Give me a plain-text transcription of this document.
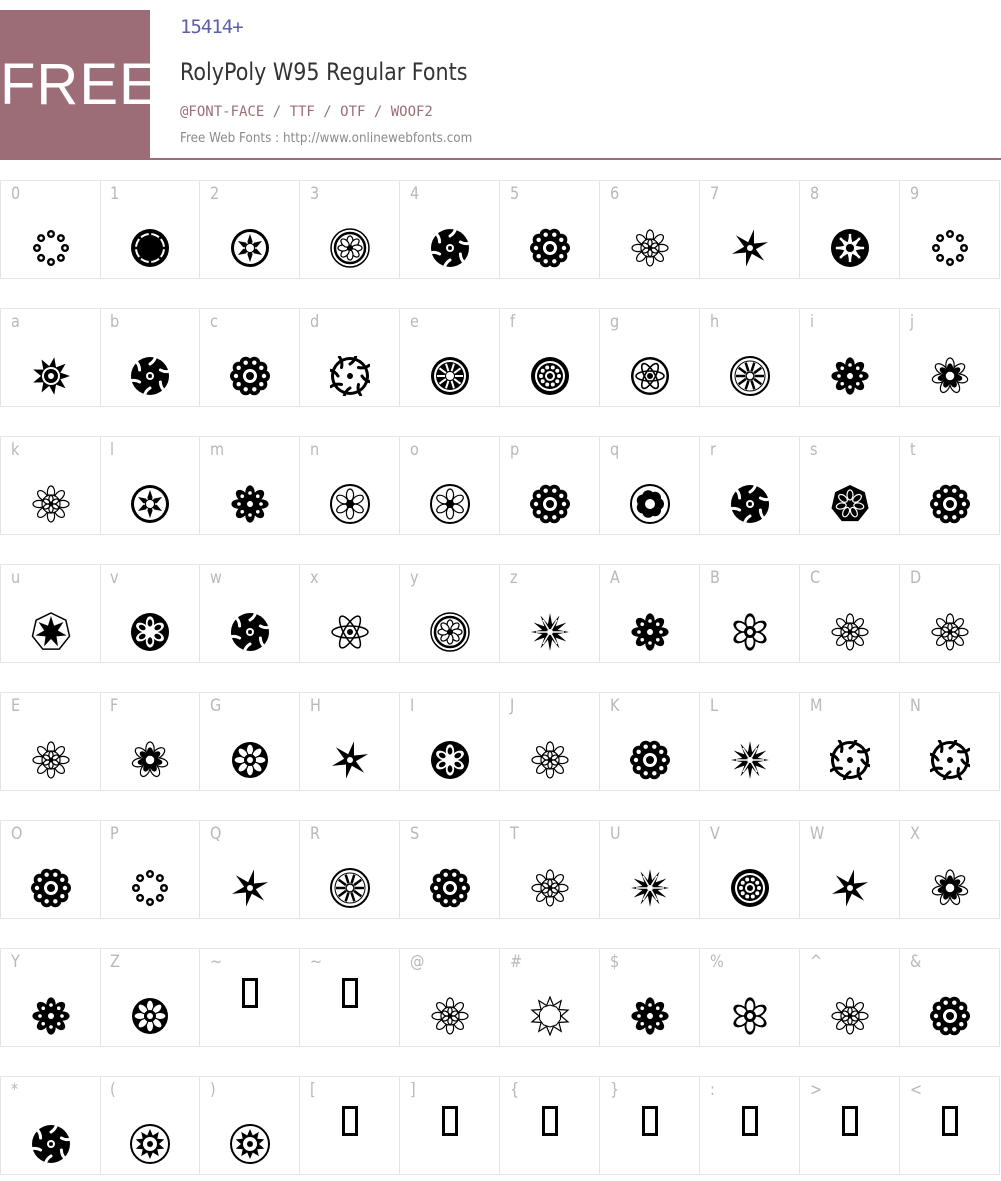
FREE
15414+
RolyPoly W95 Regular Fonts
@FONT-FACE / TTF / OTF / WOOF2
Free Web Fonts : http://www.onlinewebfonts.com
0	1	2	3	4	5	6	7	8	9
a	b	c	d	e	f	g	h	i	j
k	l	m	n	o	p	q	r	s	t
u	v	w	x	y	z	A	B	C	D
E	F	G	H	I	J	K	L	M	N
O	P	Q	R	S	T	U	V	W	X
Y	Z	~	~	@	#	$	%	^	&
*	(	)	[	]	{	}	:	>	<
